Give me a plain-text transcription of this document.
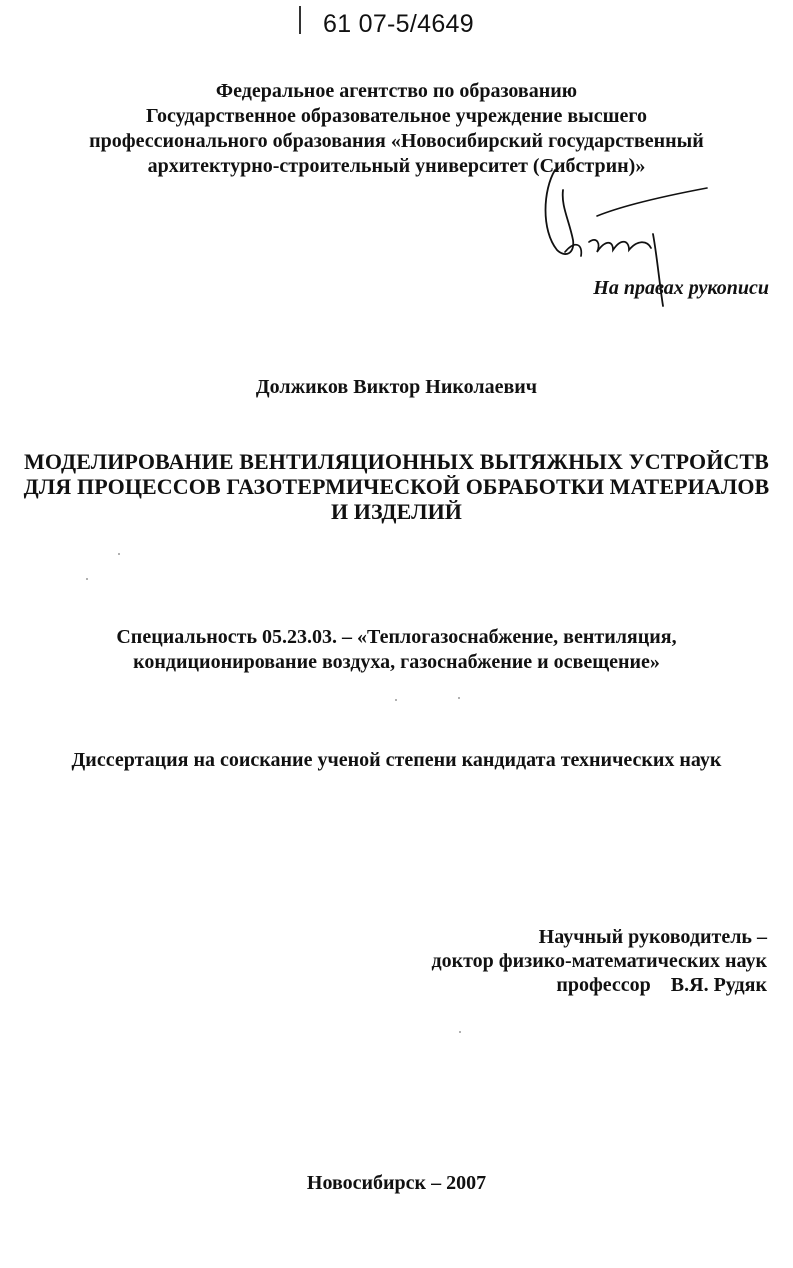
61 07-5/4649
Федеральное агентство по образованию
Государственное образовательное учреждение высшего
профессионального образования «Новосибирский государственный
архитектурно-строительный университет (Сибстрин)»
На правах рукописи
Должиков Виктор Николаевич
МОДЕЛИРОВАНИЕ ВЕНТИЛЯЦИОННЫХ ВЫТЯЖНЫХ УСТРОЙСТВ
ДЛЯ ПРОЦЕССОВ ГАЗОТЕРМИЧЕСКОЙ ОБРАБОТКИ МАТЕРИАЛОВ
И ИЗДЕЛИЙ
Специальность 05.23.03. – «Теплогазоснабжение, вентиляция,
кондиционирование воздуха, газоснабжение и освещение»
Диссертация на соискание ученой степени кандидата технических наук
Научный руководитель –
доктор физико-математических наук
профессор    В.Я. Рудяк
Новосибирск – 2007
